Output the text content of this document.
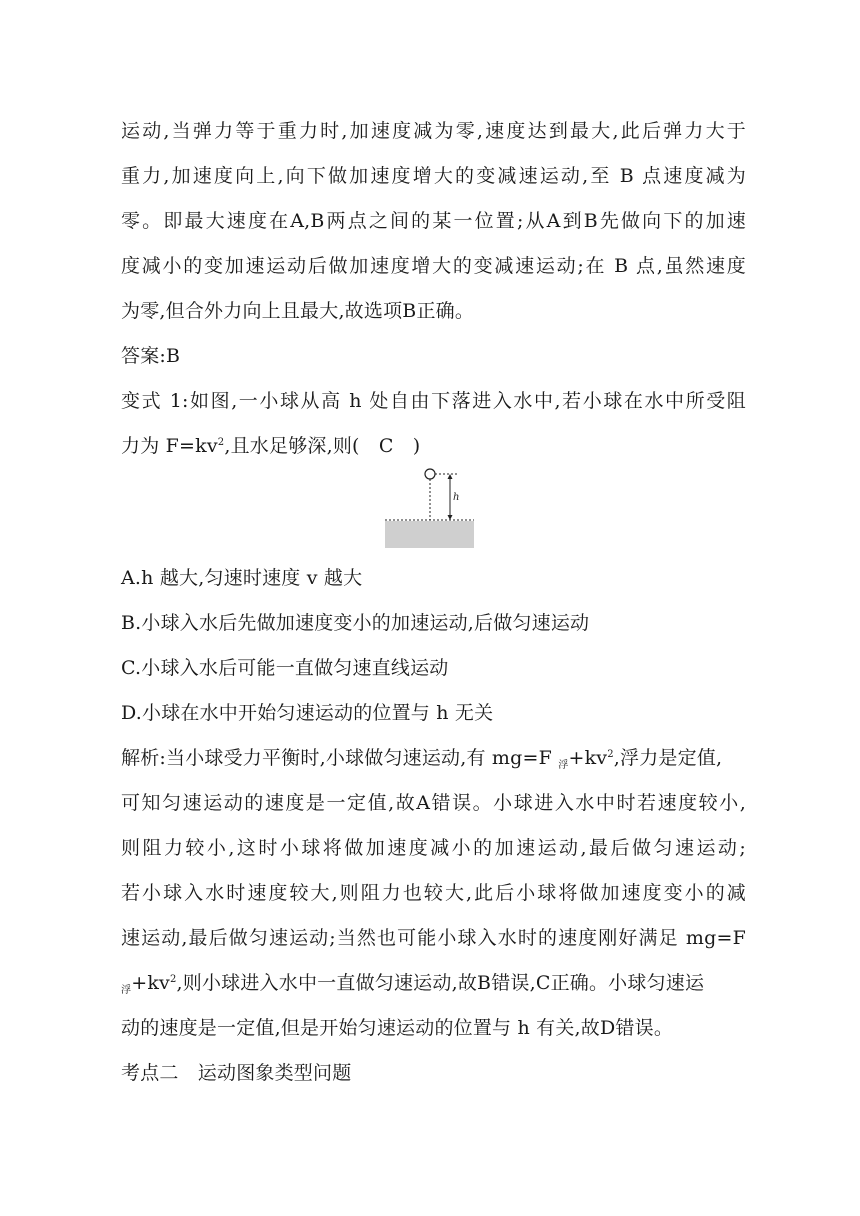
运动,当弹力等于重力时,加速度减为零,速度达到最大,此后弹力大于
重力,加速度向上,向下做加速度增大的变减速运动,至 B 点速度减为
零。即最大速度在A,B两点之间的某一位置;从A到B先做向下的加速
度减小的变加速运动后做加速度增大的变减速运动;在 B 点,虽然速度
为零,但合外力向上且最大,故选项B正确。
答案:B
变式 1:如图,一小球从高 h 处自由下落进入水中,若小球在水中所受阻
力为 $F=kv^2$,且水足够深,则(　C　)
h
A.h 越大,匀速时速度 v 越大
B.小球入水后先做加速度变小的加速运动,后做匀速运动
C.小球入水后可能一直做匀速直线运动
D.小球在水中开始匀速运动的位置与 h 无关
解析:当小球受力平衡时,小球做匀速运动,有 mg=F $_浮+kv^2$,浮力是定值,
可知匀速运动的速度是一定值,故A错误。小球进入水中时若速度较小,
则阻力较小,这时小球将做加速度减小的加速运动,最后做匀速运动;
若小球入水时速度较大,则阻力也较大,此后小球将做加速度变小的减
速运动,最后做匀速运动;当然也可能小球入水时的速度刚好满足 mg=F
$_浮+kv^2$,则小球进入水中一直做匀速运动,故B错误,C正确。小球匀速运
动的速度是一定值,但是开始匀速运动的位置与 h 有关,故D错误。
考点二　运动图象类型问题
